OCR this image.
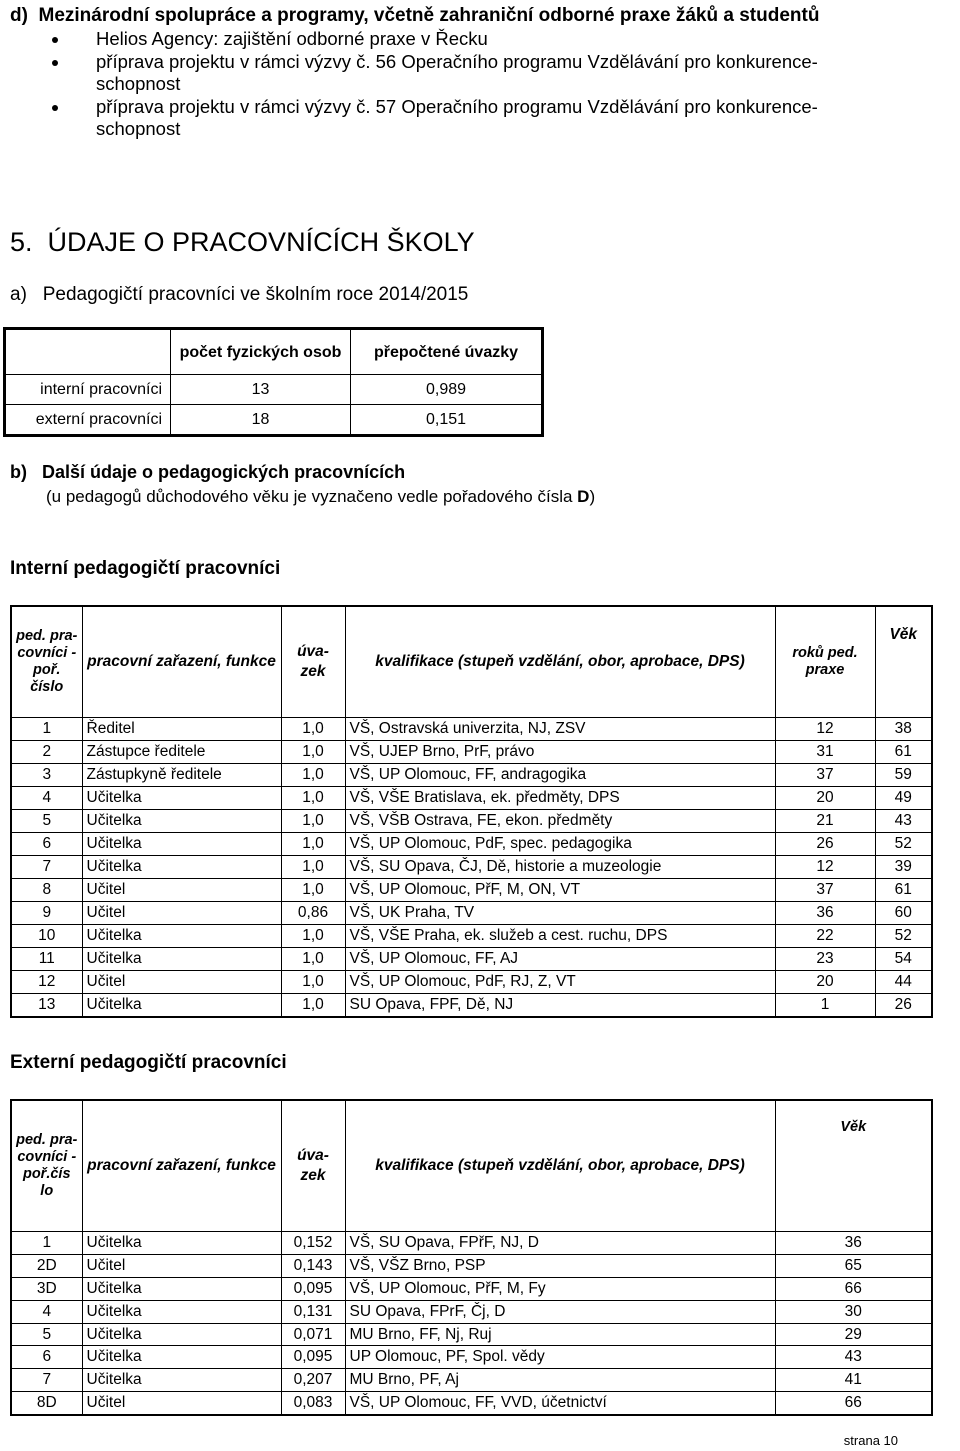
d)  Mezinárodní spolupráce a programy, včetně zahraniční odborné praxe žáků a studentů
Helios Agency: zajištění odborné praxe v Řecku
příprava projektu v rámci výzvy č. 56 Operačního programu Vzdělávání pro konkurence-
schopnost
příprava projektu v rámci výzvy č. 57 Operačního programu Vzdělávání pro konkurence-
schopnost
5.  ÚDAJE O PRACOVNÍCÍCH ŠKOLY
a)   Pedagogičtí pracovníci ve školním roce 2014/2015
	počet fyzických osob	přepočtené úvazky
interní pracovníci	13	0,989
externí pracovníci	18	0,151
b)   Další údaje o pedagogických pracovnících
(u pedagogů důchodového věku je vyznačeno vedle pořadového čísla D)
Interní pedagogičtí pracovníci
ped. pra-covníci - poř. číslo	pracovní zařazení, funkce	úva-zek	kvalifikace (stupeň vzdělání, obor, aprobace, DPS)	roků ped. praxe	Věk
1	Ředitel	1,0	VŠ, Ostravská univerzita, NJ, ZSV	12	38
2	Zástupce ředitele	1,0	VŠ, UJEP Brno, PrF, právo	31	61
3	Zástupkyně ředitele	1,0	VŠ, UP Olomouc, FF, andragogika	37	59
4	Učitelka	1,0	VŠ, VŠE Bratislava, ek. předměty, DPS	20	49
5	Učitelka	1,0	VŠ, VŠB Ostrava, FE, ekon. předměty	21	43
6	Učitelka	1,0	VŠ, UP Olomouc, PdF, spec. pedagogika	26	52
7	Učitelka	1,0	VŠ, SU Opava, ČJ, Dě, historie a muzeologie	12	39
8	Učitel	1,0	VŠ, UP Olomouc, PřF, M, ON, VT	37	61
9	Učitel	0,86	VŠ, UK Praha, TV	36	60
10	Učitelka	1,0	VŠ, VŠE Praha, ek. služeb a cest. ruchu, DPS	22	52
11	Učitelka	1,0	VŠ, UP Olomouc, FF, AJ	23	54
12	Učitel	1,0	VŠ, UP Olomouc, PdF, RJ, Z, VT	20	44
13	Učitelka	1,0	SU Opava, FPF, Dě, NJ	1	26
Externí pedagogičtí pracovníci
ped. pra-covníci - poř.čís lo	pracovní zařazení, funkce	úva-zek	kvalifikace (stupeň vzdělání, obor, aprobace, DPS)	Věk
1	Učitelka	0,152	VŠ, SU Opava, FPřF, NJ, D	36
2D	Učitel	0,143	VŠ, VŠZ Brno, PSP	65
3D	Učitelka	0,095	VŠ, UP Olomouc, PřF, M, Fy	66
4	Učitelka	0,131	SU Opava, FPrF, Čj, D	30
5	Učitelka	0,071	MU Brno, FF, Nj, Ruj	29
6	Učitelka	0,095	UP Olomouc, PF, Spol. vědy	43
7	Učitelka	0,207	MU Brno, PF, Aj	41
8D	Učitel	0,083	VŠ, UP Olomouc, FF, VVD, účetnictví	66
strana 10
